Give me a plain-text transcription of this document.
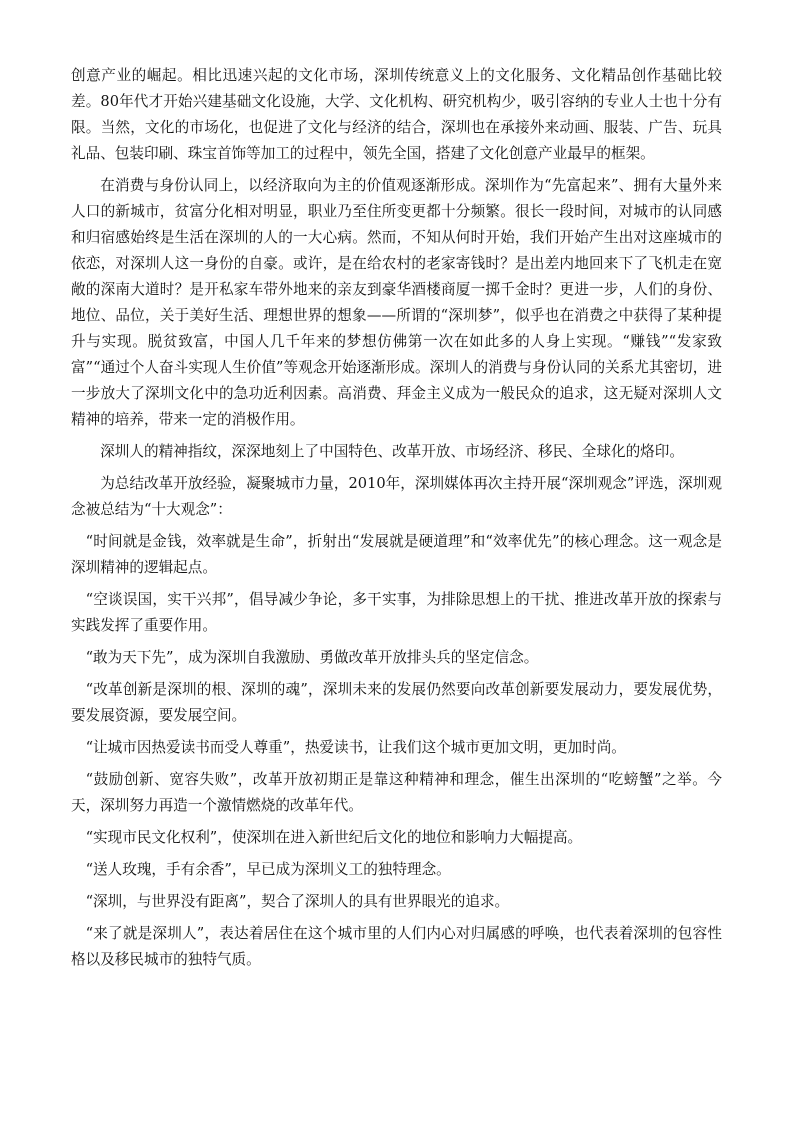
创意产业的崛起。相比迅速兴起的文化市场，深圳传统意义上的文化服务、文化精品创作基础比较差。80年代才开始兴建基础文化设施，大学、文化机构、研究机构少，吸引容纳的专业人士也十分有限。当然，文化的市场化，也促进了文化与经济的结合，深圳也在承接外来动画、服装、广告、玩具礼品、包装印刷、珠宝首饰等加工的过程中，领先全国，搭建了文化创意产业最早的框架。

在消费与身份认同上，以经济取向为主的价值观逐渐形成。深圳作为“先富起来”、拥有大量外来人口的新城市，贫富分化相对明显，职业乃至住所变更都十分频繁。很长一段时间，对城市的认同感和归宿感始终是生活在深圳的人的一大心病。然而，不知从何时开始，我们开始产生出对这座城市的依恋，对深圳人这一身份的自豪。或许，是在给农村的老家寄钱时？是出差内地回来下了飞机走在宽敞的深南大道时？是开私家车带外地来的亲友到豪华酒楼商厦一掷千金时？更进一步，人们的身份、地位、品位，关于美好生活、理想世界的想象——所谓的“深圳梦”，似乎也在消费之中获得了某种提升与实现。脱贫致富，中国人几千年来的梦想仿佛第一次在如此多的人身上实现。“赚钱”“发家致富”“通过个人奋斗实现人生价值”等观念开始逐渐形成。深圳人的消费与身份认同的关系尤其密切，进一步放大了深圳文化中的急功近利因素。高消费、拜金主义成为一般民众的追求，这无疑对深圳人文精神的培养，带来一定的消极作用。

深圳人的精神指纹，深深地刻上了中国特色、改革开放、市场经济、移民、全球化的烙印。

为总结改革开放经验，凝聚城市力量，2010年，深圳媒体再次主持开展“深圳观念”评选，深圳观念被总结为“十大观念”：

“时间就是金钱，效率就是生命”，折射出“发展就是硬道理”和“效率优先”的核心理念。这一观念是深圳精神的逻辑起点。

“空谈误国，实干兴邦”，倡导减少争论，多干实事，为排除思想上的干扰、推进改革开放的探索与实践发挥了重要作用。

“敢为天下先”，成为深圳自我激励、勇做改革开放排头兵的坚定信念。

“改革创新是深圳的根、深圳的魂”，深圳未来的发展仍然要向改革创新要发展动力，要发展优势，要发展资源，要发展空间。

“让城市因热爱读书而受人尊重”，热爱读书，让我们这个城市更加文明，更加时尚。

“鼓励创新、宽容失败”，改革开放初期正是靠这种精神和理念，催生出深圳的“吃螃蟹”之举。今天，深圳努力再造一个激情燃烧的改革年代。

“实现市民文化权利”，使深圳在进入新世纪后文化的地位和影响力大幅提高。

“送人玫瑰，手有余香”，早已成为深圳义工的独特理念。

“深圳，与世界没有距离”，契合了深圳人的具有世界眼光的追求。

“来了就是深圳人”，表达着居住在这个城市里的人们内心对归属感的呼唤，也代表着深圳的包容性格以及移民城市的独特气质。
